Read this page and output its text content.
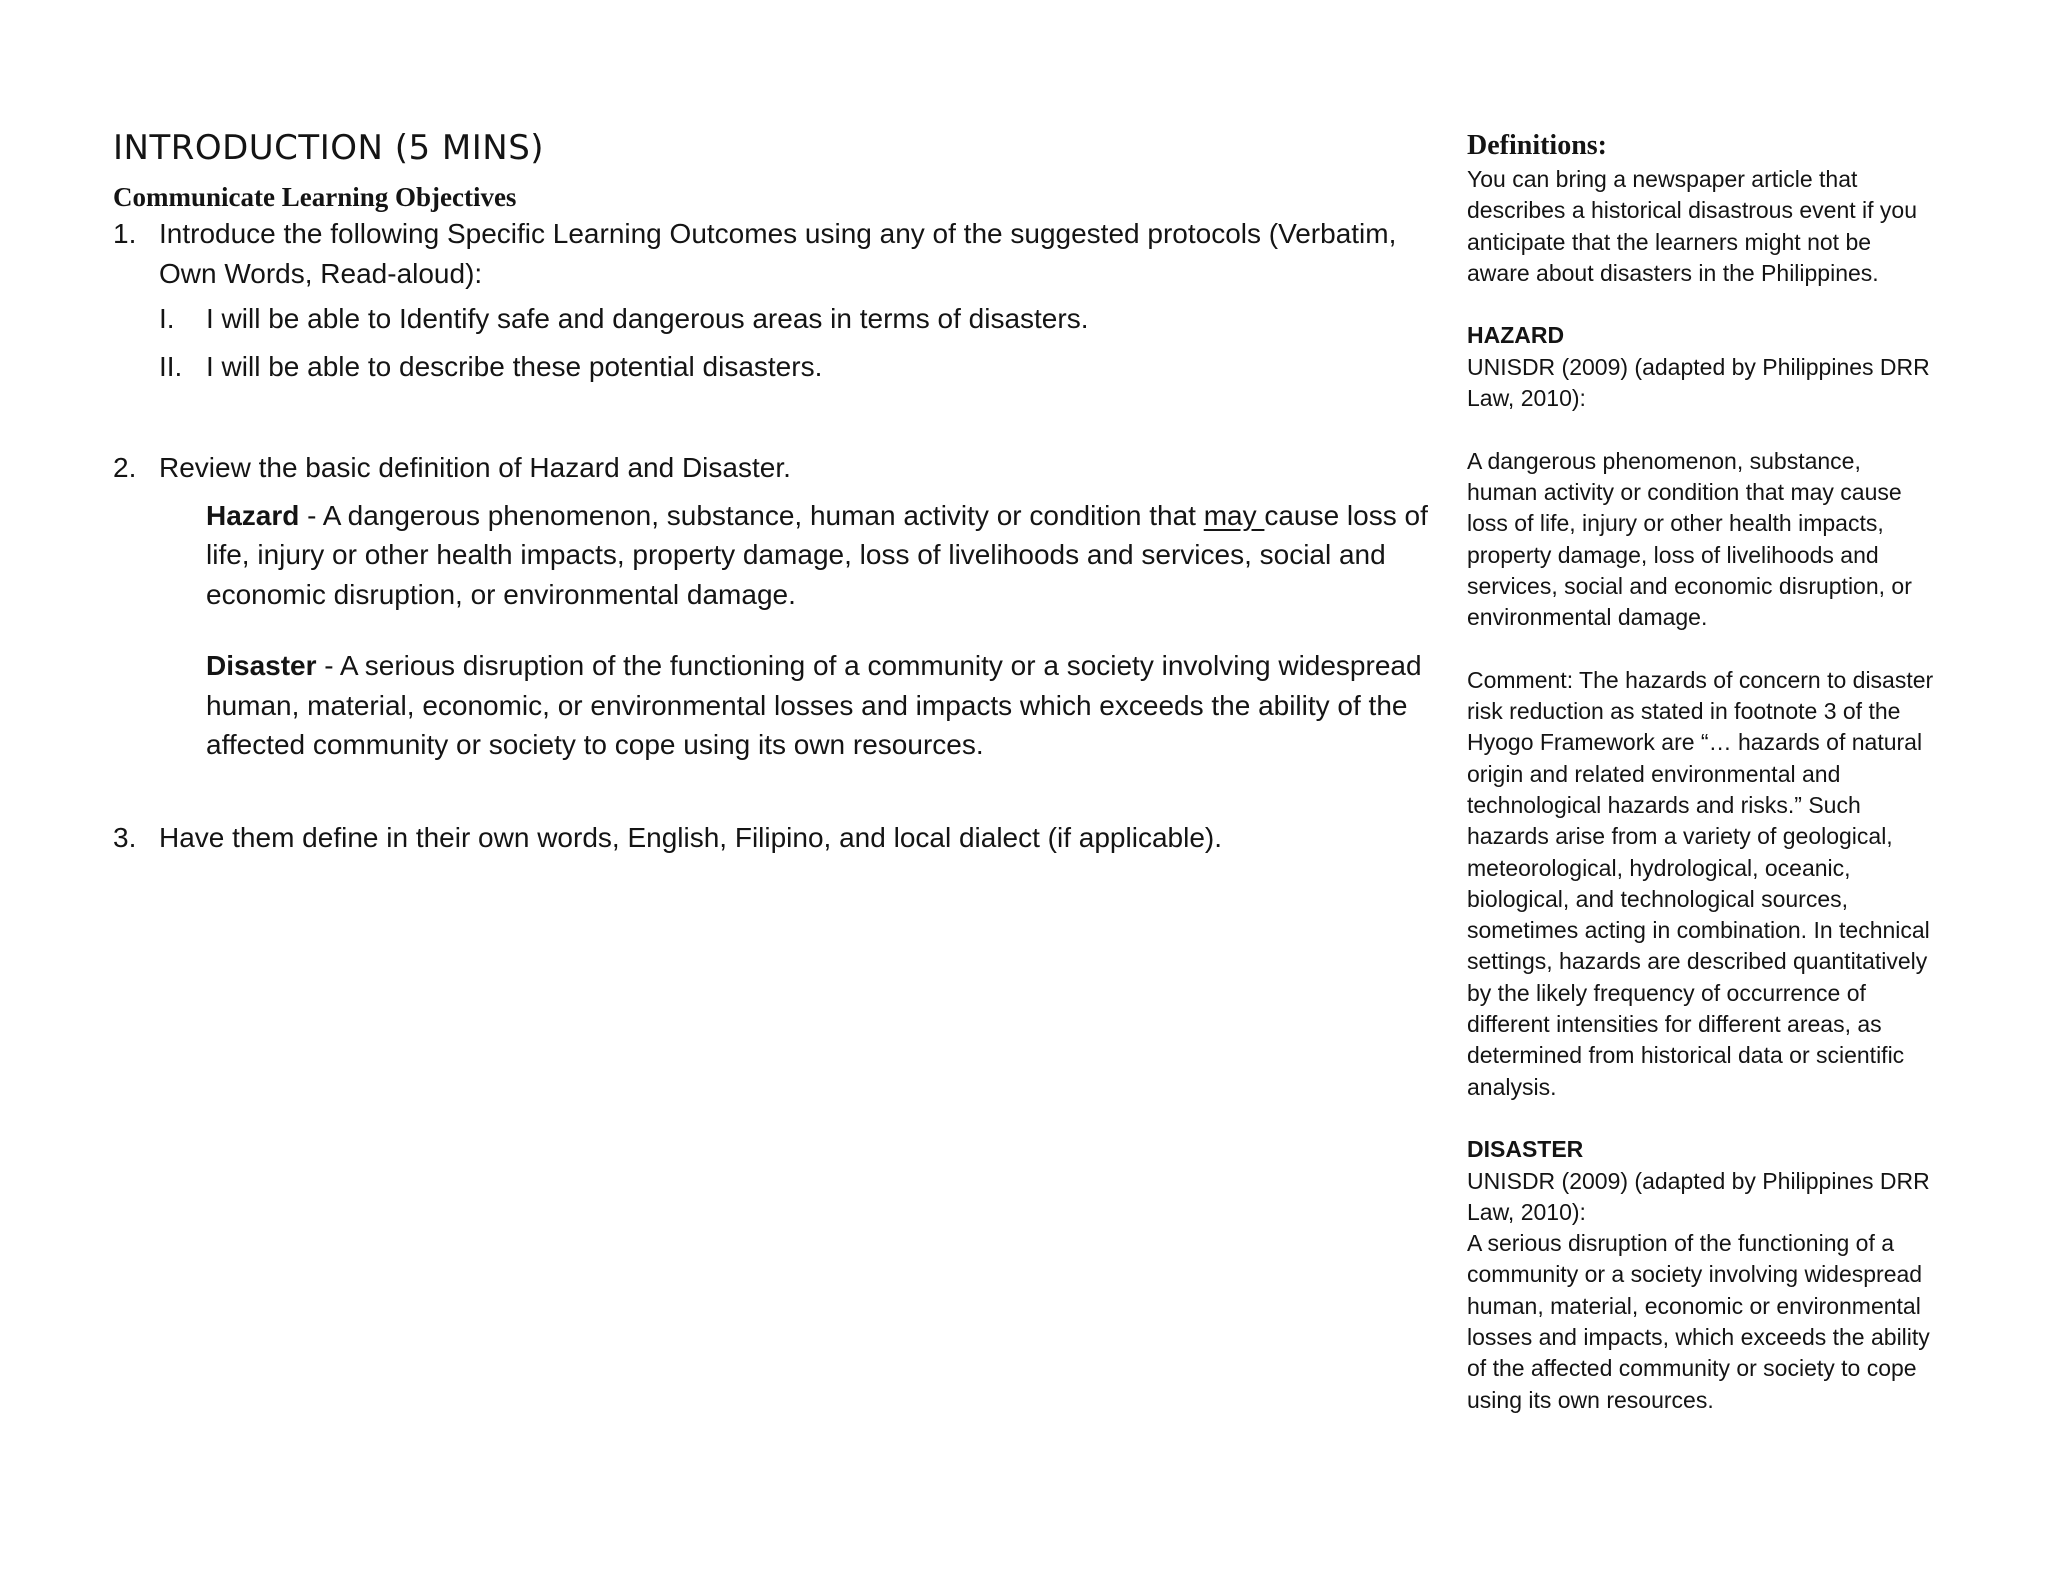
INTRODUCTION (5 MINS)
Communicate Learning Objectives
1. Introduce the following Specific Learning Outcomes using any of the suggested protocols (Verbatim, Own Words, Read-aloud):
I. I will be able to Identify safe and dangerous areas in terms of disasters.
II. I will be able to describe these potential disasters.
2. Review the basic definition of Hazard and Disaster.
Hazard - A dangerous phenomenon, substance, human activity or condition that may cause loss of life, injury or other health impacts, property damage, loss of livelihoods and services, social and economic disruption, or environmental damage.
Disaster - A serious disruption of the functioning of a community or a society involving widespread human, material, economic, or environmental losses and impacts which exceeds the ability of the affected community or society to cope using its own resources.
3. Have them define in their own words, English, Filipino, and local dialect (if applicable).
Definitions:

You can bring a newspaper article that describes a historical disastrous event if you anticipate that the learners might not be aware about disasters in the Philippines.

HAZARD

UNISDR (2009) (adapted by Philippines DRR Law, 2010):

A dangerous phenomenon, substance, human activity or condition that may cause loss of life, injury or other health impacts, property damage, loss of livelihoods and services, social and economic disruption, or environmental damage.

Comment: The hazards of concern to disaster risk reduction as stated in footnote 3 of the Hyogo Framework are “… hazards of natural origin and related environmental and technological hazards and risks.” Such hazards arise from a variety of geological, meteorological, hydrological, oceanic, biological, and technological sources, sometimes acting in combination. In technical settings, hazards are described quantitatively by the likely frequency of occurrence of different intensities for different areas, as determined from historical data or scientific analysis.

DISASTER

UNISDR (2009) (adapted by Philippines DRR Law, 2010):

A serious disruption of the functioning of a community or a society involving widespread human, material, economic or environmental losses and impacts, which exceeds the ability of the affected community or society to cope using its own resources.
